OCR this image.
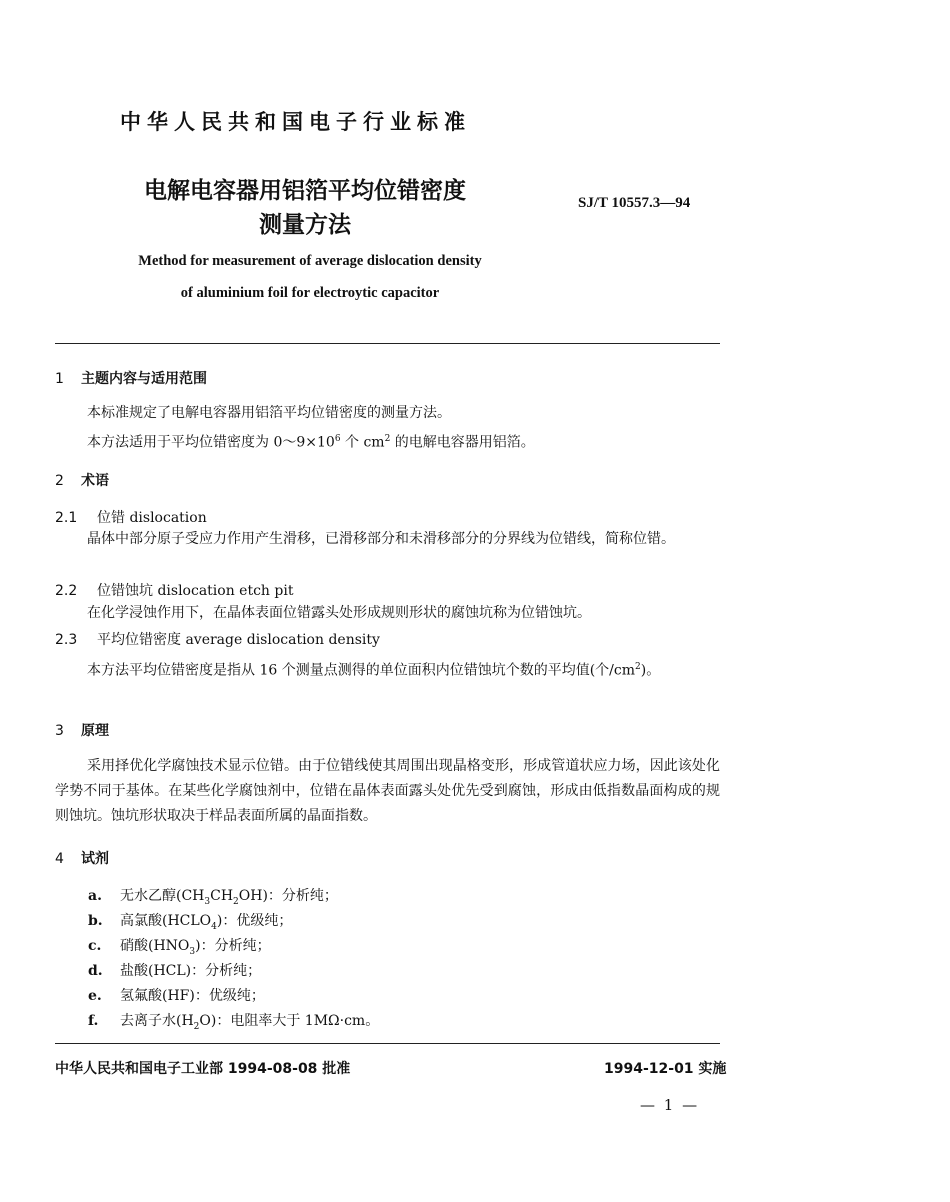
中华人民共和国电子行业标准
电解电容器用铝箔平均位错密度
测量方法
SJ/T 10557.3—94
Method for measurement of average dislocation density
of aluminium foil for electroytic capacitor
1 主题内容与适用范围
本标准规定了电解电容器用铝箔平均位错密度的测量方法。
本方法适用于平均位错密度为 $0\sim 9\times 10^6$ 个 $cm^2$ 的电解电容器用铝箔。
2 术语
2.1 位错 dislocation
晶体中部分原子受应力作用产生滑移，已滑移部分和未滑移部分的分界线为位错线，简称位错。
2.2 位错蚀坑 dislocation etch pit
在化学浸蚀作用下，在晶体表面位错露头处形成规则形状的腐蚀坑称为位错蚀坑。
2.3 平均位错密度 average dislocation density
本方法平均位错密度是指从 16 个测量点测得的单位面积内位错蚀坑个数的平均值(个$/cm^2$)。
3 原理
采用择优化学腐蚀技术显示位错。由于位错线使其周围出现晶格变形，形成管道状应力场，因此该处化学势不同于基体。在某些化学腐蚀剂中，位错在晶体表面露头处优先受到腐蚀，形成由低指数晶面构成的规则蚀坑。蚀坑形状取决于样品表面所属的晶面指数。
4 试剂
a. 无水乙醇$(CH_3CH_2OH)$：分析纯；
b. 高氯酸$(HCLO_4)$：优级纯；
c. 硝酸$(HNO_3)$：分析纯；
d. 盐酸(HCL)：分析纯；
e. 氢氟酸(HF)：优级纯；
f. 去离子水$(H_2O)$：电阻率大于 1MΩ·cm。
中华人民共和国电子工业部 1994-08-08 批准	1994-12-01 实施
— 1 —
